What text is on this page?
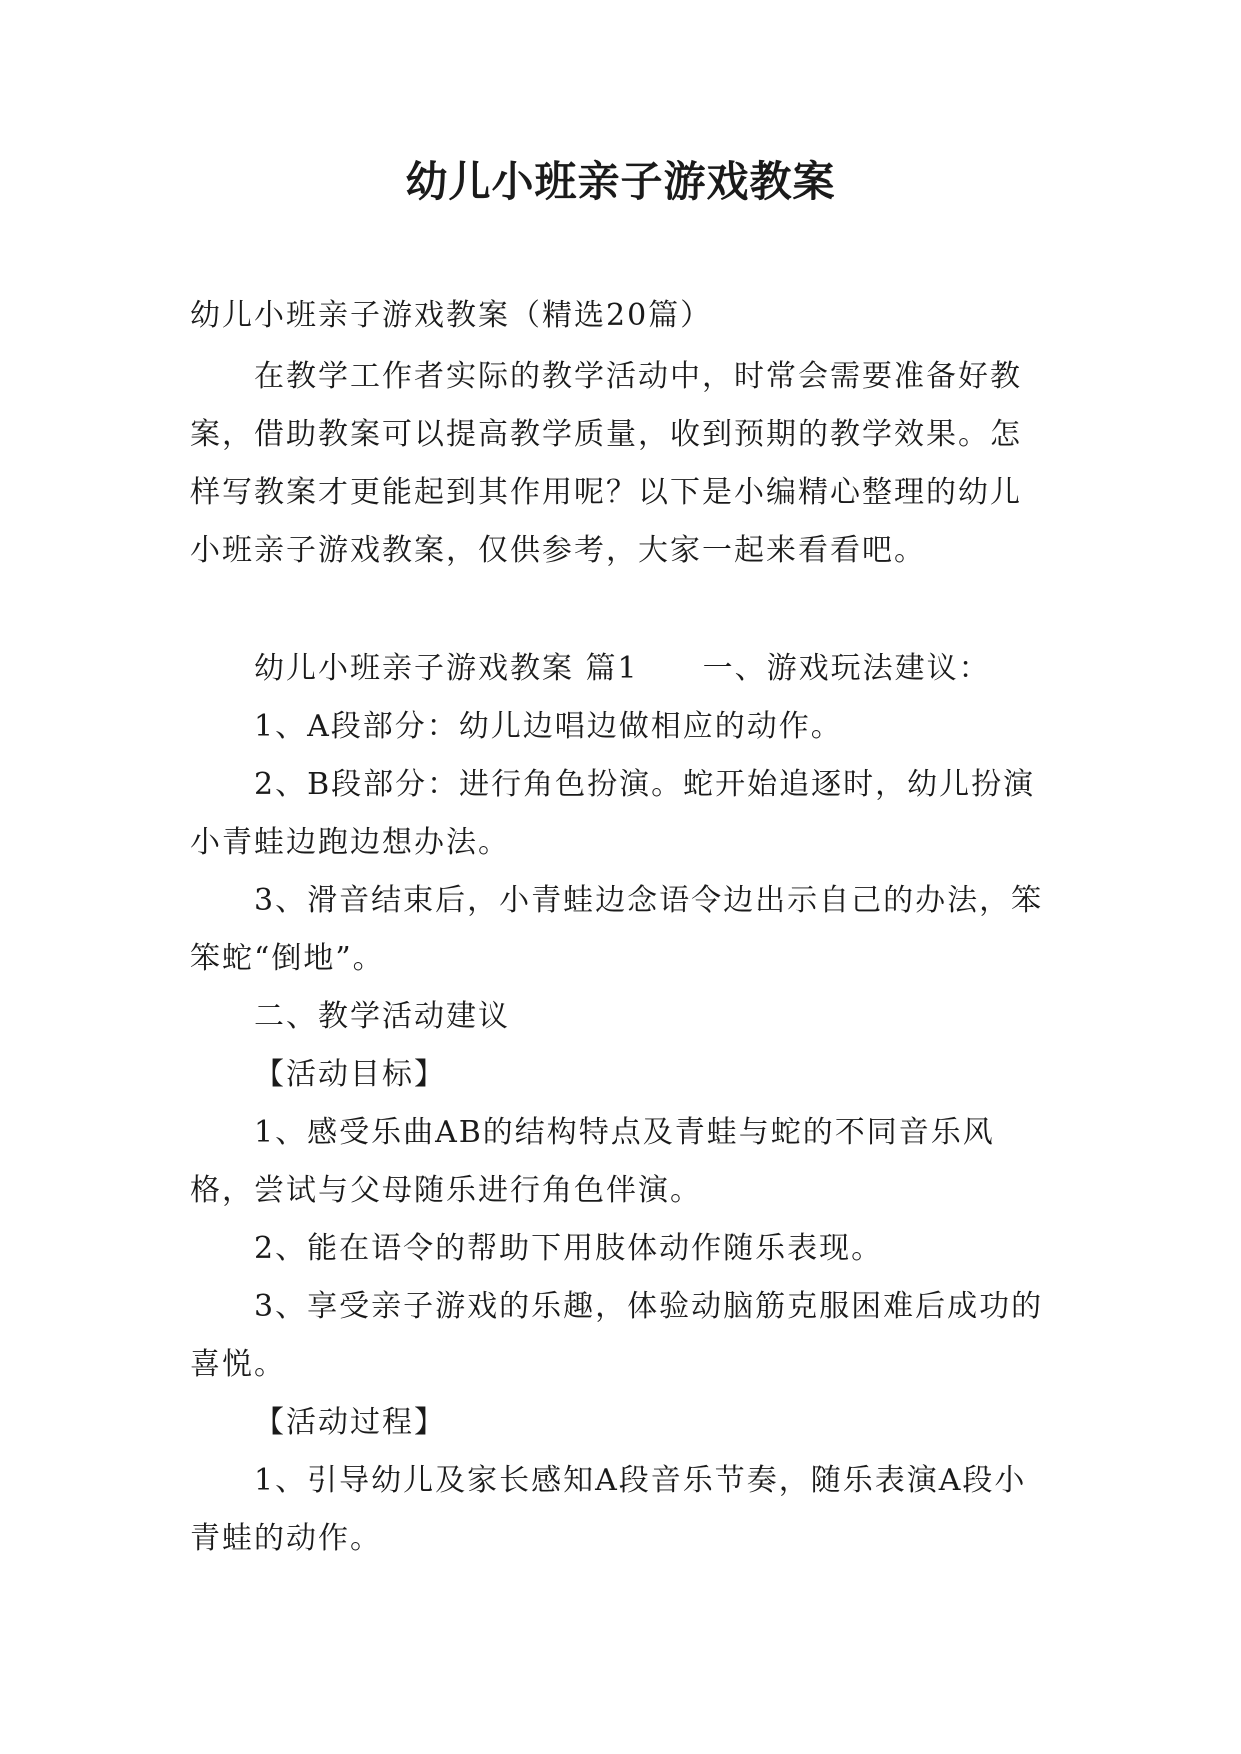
幼儿小班亲子游戏教案

幼儿小班亲子游戏教案（精选20篇）

在教学工作者实际的教学活动中，时常会需要准备好教案，借助教案可以提高教学质量，收到预期的教学效果。怎样写教案才更能起到其作用呢？以下是小编精心整理的幼儿小班亲子游戏教案，仅供参考，大家一起来看看吧。

幼儿小班亲子游戏教案 篇1 一、游戏玩法建议：

1、A段部分：幼儿边唱边做相应的动作。

2、B段部分：进行角色扮演。蛇开始追逐时，幼儿扮演小青蛙边跑边想办法。

3、滑音结束后，小青蛙边念语令边出示自己的办法，笨笨蛇“倒地”。

二、教学活动建议

【活动目标】

1、感受乐曲AB的结构特点及青蛙与蛇的不同音乐风格，尝试与父母随乐进行角色伴演。

2、能在语令的帮助下用肢体动作随乐表现。

3、享受亲子游戏的乐趣，体验动脑筋克服困难后成功的喜悦。

【活动过程】

1、引导幼儿及家长感知A段音乐节奏，随乐表演A段小青蛙的动作。
